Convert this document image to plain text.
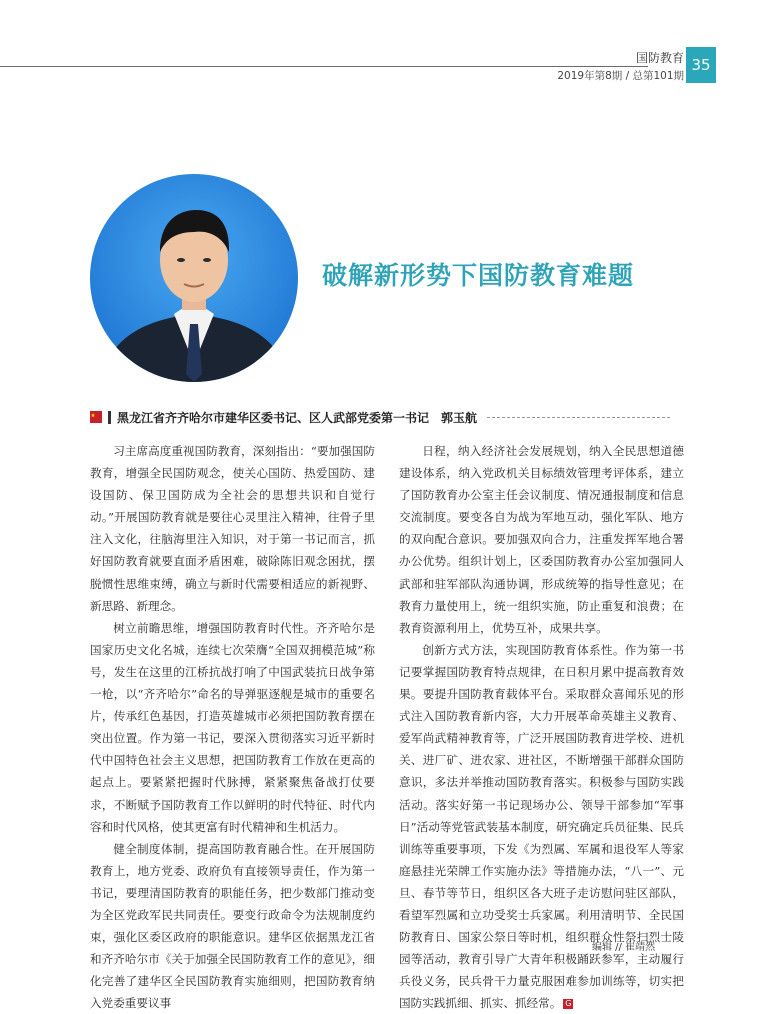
国防教育
2019年第8期 / 总第101期
35
破解新形势下国防教育难题
黑龙江省齐齐哈尔市建华区委书记、区人武部党委第一书记　郭玉航

习主席高度重视国防教育，深刻指出：“要加强国防教育，增强全民国防观念，使关心国防、热爱国防、建设国防、保卫国防成为全社会的思想共识和自觉行动。”开展国防教育就是要往心灵里注入精神，往骨子里注入文化，往脑海里注入知识，对于第一书记而言，抓好国防教育就要直面矛盾困难，破除陈旧观念困扰，摆脱惯性思维束缚，确立与新时代需要相适应的新视野、新思路、新理念。

树立前瞻思维，增强国防教育时代性。齐齐哈尔是国家历史文化名城，连续七次荣膺“全国双拥模范城”称号，发生在这里的江桥抗战打响了中国武装抗日战争第一枪，以“齐齐哈尔”命名的导弹驱逐舰是城市的重要名片，传承红色基因，打造英雄城市必须把国防教育摆在突出位置。作为第一书记，要深入贯彻落实习近平新时代中国特色社会主义思想，把国防教育工作放在更高的起点上。要紧紧把握时代脉搏，紧紧聚焦备战打仗要求，不断赋予国防教育工作以鲜明的时代特征、时代内容和时代风格，使其更富有时代精神和生机活力。

健全制度体制，提高国防教育融合性。在开展国防教育上，地方党委、政府负有直接领导责任，作为第一书记，要理清国防教育的职能任务，把少数部门推动变为全区党政军民共同责任。要变行政命令为法规制度约束，强化区委区政府的职能意识。建华区依据黑龙江省和齐齐哈尔市《关于加强全民国防教育工作的意见》，细化完善了建华区全民国防教育实施细则，把国防教育纳入党委重要议事

日程，纳入经济社会发展规划，纳入全民思想道德建设体系，纳入党政机关目标绩效管理考评体系，建立了国防教育办公室主任会议制度、情况通报制度和信息交流制度。要变各自为战为军地互动，强化军队、地方的双向配合意识。要加强双向合力，注重发挥军地合署办公优势。组织计划上，区委国防教育办公室加强同人武部和驻军部队沟通协调，形成统筹的指导性意见；在教育力量使用上，统一组织实施，防止重复和浪费；在教育资源利用上，优势互补，成果共享。

创新方式方法，实现国防教育体系性。作为第一书记要掌握国防教育特点规律，在日积月累中提高教育效果。要提升国防教育载体平台。采取群众喜闻乐见的形式注入国防教育新内容，大力开展革命英雄主义教育、爱军尚武精神教育等，广泛开展国防教育进学校、进机关、进厂矿、进农家、进社区，不断增强干部群众国防意识，多法并举推动国防教育落实。积极参与国防实践活动。落实好第一书记现场办公、领导干部参加“军事日”活动等党管武装基本制度，研究确定兵员征集、民兵训练等重要事项，下发《为烈属、军属和退役军人等家庭悬挂光荣牌工作实施办法》等措施办法，“八一”、元旦、春节等节日，组织区各大班子走访慰问驻区部队，看望军烈属和立功受奖士兵家属。利用清明节、全民国防教育日、国家公祭日等时机，组织群众性祭扫烈士陵园等活动，教育引导广大青年积极踊跃参军，主动履行兵役义务，民兵骨干力量克服困难参加训练等，切实把国防实践抓细、抓实、抓经常。 G

编辑 // 崔靖然
